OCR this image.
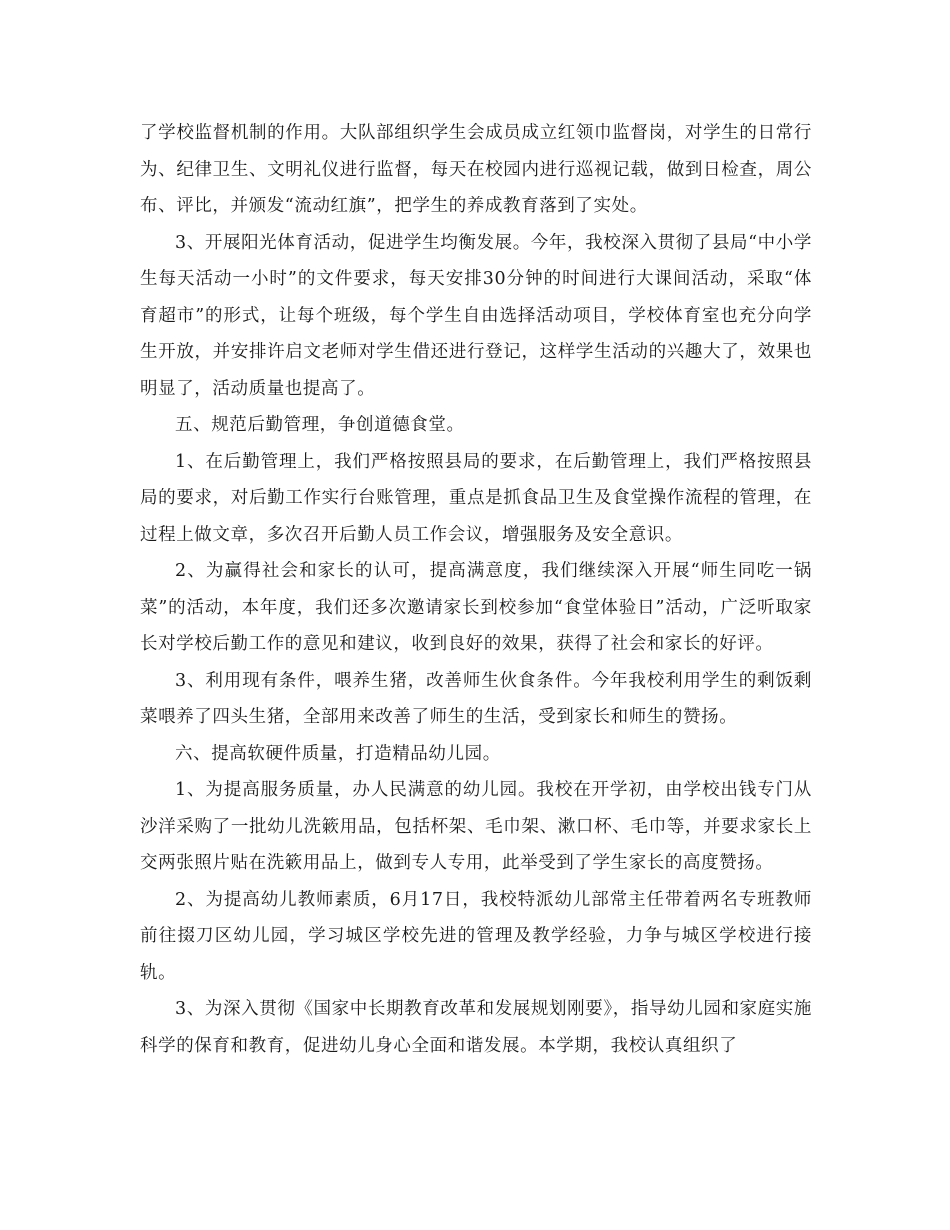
了学校监督机制的作用。大队部组织学生会成员成立红领巾监督岗，对学生的日常行为、纪律卫生、文明礼仪进行监督，每天在校园内进行巡视记载，做到日检查，周公布、评比，并颁发“流动红旗”，把学生的养成教育落到了实处。

3、开展阳光体育活动，促进学生均衡发展。今年，我校深入贯彻了县局“中小学生每天活动一小时”的文件要求，每天安排30分钟的时间进行大课间活动，采取“体育超市”的形式，让每个班级，每个学生自由选择活动项目，学校体育室也充分向学生开放，并安排许启文老师对学生借还进行登记，这样学生活动的兴趣大了，效果也明显了，活动质量也提高了。

五、规范后勤管理，争创道德食堂。

1、在后勤管理上，我们严格按照县局的要求，在后勤管理上，我们严格按照县局的要求，对后勤工作实行台账管理，重点是抓食品卫生及食堂操作流程的管理，在过程上做文章，多次召开后勤人员工作会议，增强服务及安全意识。

2、为赢得社会和家长的认可，提高满意度，我们继续深入开展“师生同吃一锅菜”的活动，本年度，我们还多次邀请家长到校参加“食堂体验日”活动，广泛听取家长对学校后勤工作的意见和建议，收到良好的效果，获得了社会和家长的好评。

3、利用现有条件，喂养生猪，改善师生伙食条件。今年我校利用学生的剩饭剩菜喂养了四头生猪，全部用来改善了师生的生活，受到家长和师生的赞扬。

六、提高软硬件质量，打造精品幼儿园。

1、为提高服务质量，办人民满意的幼儿园。我校在开学初，由学校出钱专门从沙洋采购了一批幼儿洗簌用品，包括杯架、毛巾架、漱口杯、毛巾等，并要求家长上交两张照片贴在洗簌用品上，做到专人专用，此举受到了学生家长的高度赞扬。

2、为提高幼儿教师素质，6月17日，我校特派幼儿部常主任带着两名专班教师前往掇刀区幼儿园，学习城区学校先进的管理及教学经验，力争与城区学校进行接轨。

3、为深入贯彻《国家中长期教育改革和发展规划刚要》，指导幼儿园和家庭实施科学的保育和教育，促进幼儿身心全面和谐发展。本学期，我校认真组织了
